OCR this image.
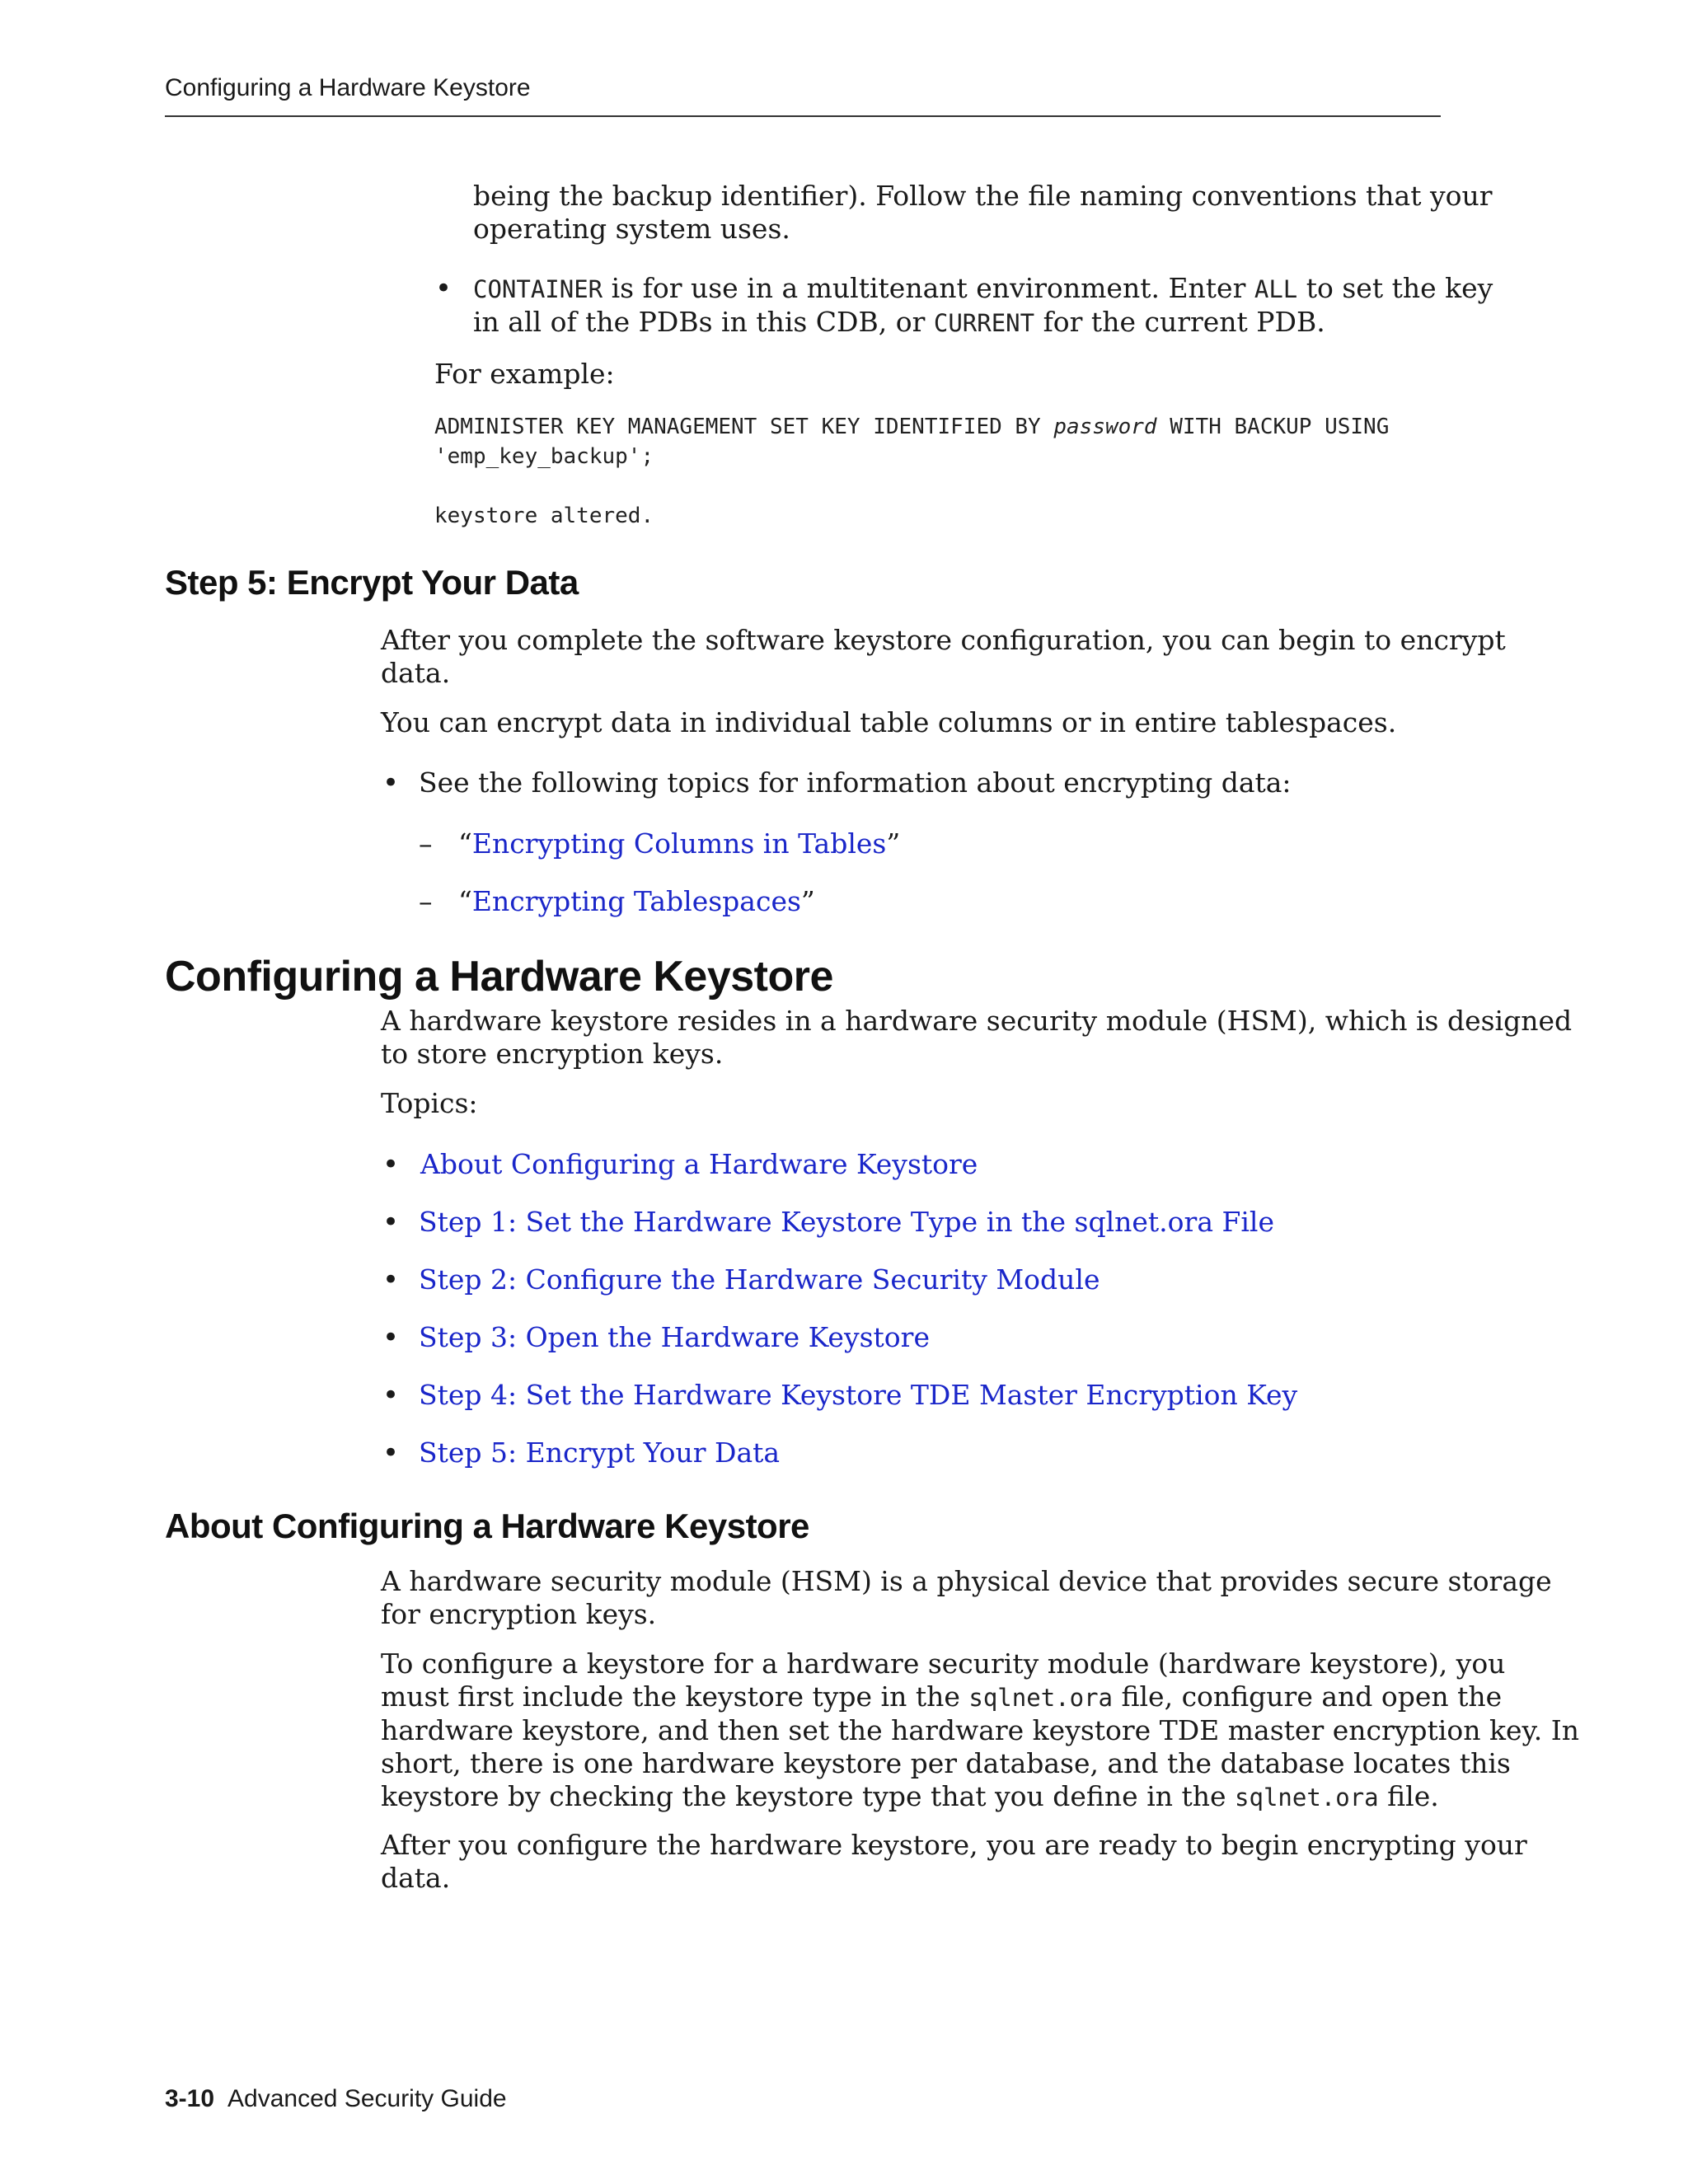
Configuring a Hardware Keystore
being the backup identifier). Follow the file naming conventions that your
operating system uses.
• CONTAINER is for use in a multitenant environment. Enter ALL to set the key
in all of the PDBs in this CDB, or CURRENT for the current PDB.
For example:
ADMINISTER KEY MANAGEMENT SET KEY IDENTIFIED BY password WITH BACKUP USING
'emp_key_backup';
keystore altered.
Step 5: Encrypt Your Data
After you complete the software keystore configuration, you can begin to encrypt
data.
You can encrypt data in individual table columns or in entire tablespaces.
• See the following topics for information about encrypting data:
– “Encrypting Columns in Tables”
– “Encrypting Tablespaces”
Configuring a Hardware Keystore
A hardware keystore resides in a hardware security module (HSM), which is designed
to store encryption keys.
Topics:
• About Configuring a Hardware Keystore
• Step 1: Set the Hardware Keystore Type in the sqlnet.ora File
• Step 2: Configure the Hardware Security Module
• Step 3: Open the Hardware Keystore
• Step 4: Set the Hardware Keystore TDE Master Encryption Key
• Step 5: Encrypt Your Data
About Configuring a Hardware Keystore
A hardware security module (HSM) is a physical device that provides secure storage
for encryption keys.
To configure a keystore for a hardware security module (hardware keystore), you
must first include the keystore type in the sqlnet.ora file, configure and open the
hardware keystore, and then set the hardware keystore TDE master encryption key. In
short, there is one hardware keystore per database, and the database locates this
keystore by checking the keystore type that you define in the sqlnet.ora file.
After you configure the hardware keystore, you are ready to begin encrypting your
data.
3-10 Advanced Security Guide
